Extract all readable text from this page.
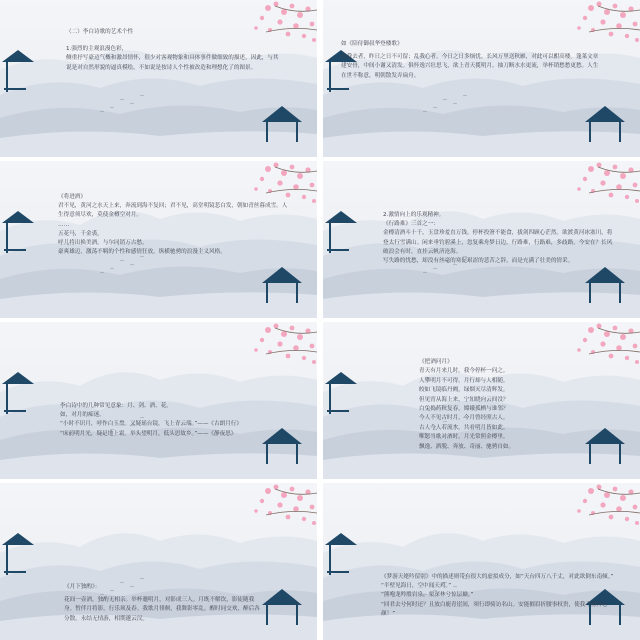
（二）李白诗歌的艺术个性
1.强烈的主观浪漫色彩，
侧重抒写豪迈气概和激昂情怀，很少对客观物象和具体事件做细致的描述。因此，与其说是对自然形貌的逼真模绘，不如说是按诗人个性被改造和理想化了的图景。
如《陪侍御叔华登楼歌》
弃我去者，昨日之日不可留；乱我心者，今日之日多烦忧。长风万里送秋雁，对此可以酣高楼。蓬莱文章建安骨，中间小谢又清发。俱怀逸兴壮思飞，欲上青天揽明月。抽刀断水水更流，举杯销愁愁更愁。人生在世不称意，明朝散发弄扁舟。
《将进酒》
君不见，黄河之水天上来，奔流到海不复回；君不见，高堂明镜悲白发，朝如青丝暮成雪。人生得意须尽欢，莫使金樽空对月。
……
五花马，千金裘，
呼儿将出换美酒，与尔同销万古愁。
豪爽雄迈，激荡不羁的个性和感情狂放，纵横驰骋的浪漫主义风格。
2.激情向上的乐观精神。
《行路难》三首之一：
金樽清酒斗十千，玉盘珍羞直万钱。停杯投箸不能食，拔剑四顾心茫然。欲渡黄河冰塞川，将登太行雪满山。闲来垂钓碧溪上，忽复乘舟梦日边。行路难，行路难，多歧路，今安在？长风破浪会有时，直挂云帆济沧海。
写失路的忧愁，却没有丝毫的寒促艰涩的悲苦之辞，而是充满了壮美的情采。
李白诗中的几种常见意象：月、剑、酒、花。
如，对月的痴迷。
“小时不识月，呼作白玉盘。又疑瑶台镜，飞上青云端。”——《古朗月行》
“床前明月光，疑是地上霜。举头望明月，低头思故乡。”——《静夜思》
《把酒问月》
青天有月来几时，我今停杯一问之。
人攀明月不可得，月行却与人相随。
皎如飞镜临丹阙，绿烟灭尽清辉发。
但见宵从海上来，宁知晓向云间没？
白兔捣药秋复春，嫦娥孤栖与谁邻？
今人不见古时月，今月曾经照古人。
古人今人若流水，共看明月皆如此。
唯愿当歌对酒时，月光常照金樽里。
飘逸、洒脱、奔放、奇丽、驰骋自如。
《月下独酌》：
花间一壶酒，独酌无相亲。举杯邀明月，对影成三人。月既不解饮，影徒随我身。暂伴月将影，行乐须及春。我歌月徘徊，我舞影零乱。醒时同交欢，醉后各分散。永结无情游，相期邈云汉。
《梦游天姥吟留别》中的描述则带有很大的虚拟成分，如“天台四万八千丈，对此欲倒东南倾。”
“半壁见海日，空中闻天鸡。”
“熊咆龙吟殷岩泉，栗深林兮惊层巅。”
“回君去兮何时还？且放白鹿青崖间，须行即骑访名山。安能摧眉折腰事权贵，使我不得开心颜！”
